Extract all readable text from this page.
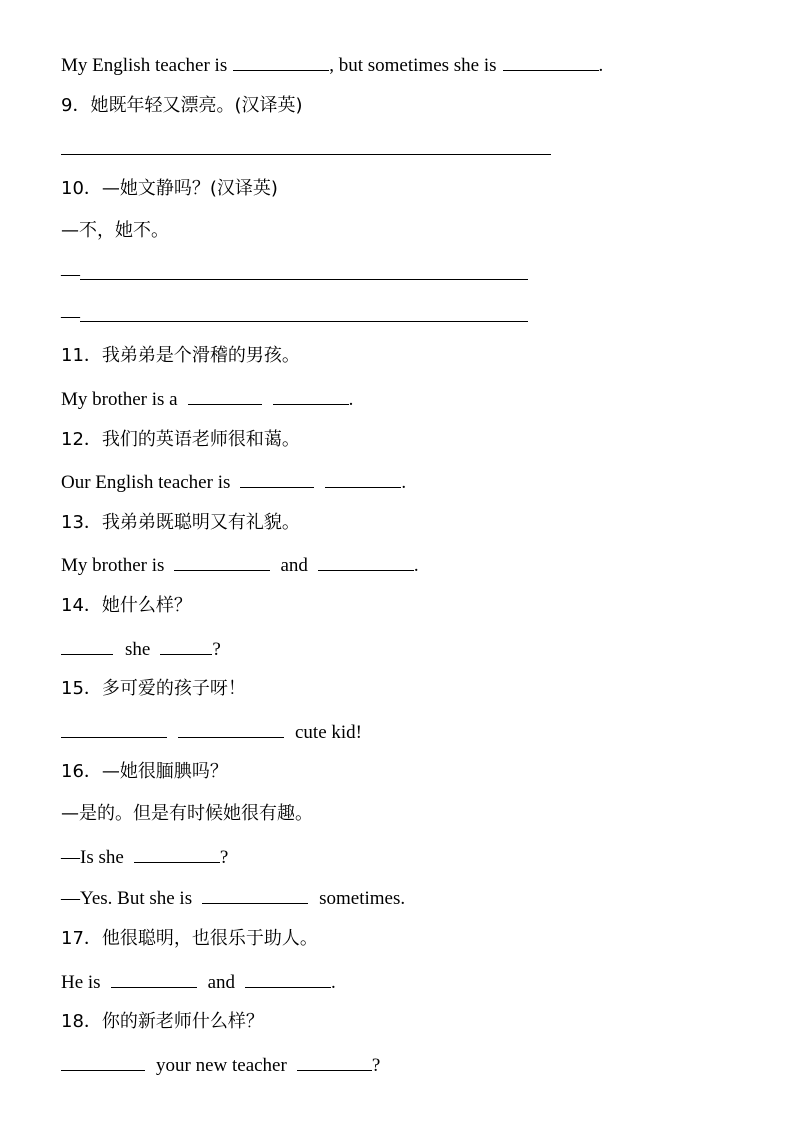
My English teacher is	, but sometimes she is	.
9．她既年轻又漂亮。(汉译英)
10．—她文静吗？(汉译英)
—不，她不。
—
—
11．我弟弟是个滑稽的男孩。
My brother is a	.
12．我们的英语老师很和蔼。
Our English teacher is	.
13．我弟弟既聪明又有礼貌。
My brother is	and	.
14．她什么样？
she	?
15．多可爱的孩子呀！
cute kid!
16．—她很腼腆吗？
—是的。但是有时候她很有趣。
—Is she	?
—Yes. But she is	sometimes.
17．他很聪明，也很乐于助人。
He is	and	.
18．你的新老师什么样？
your new teacher	?
